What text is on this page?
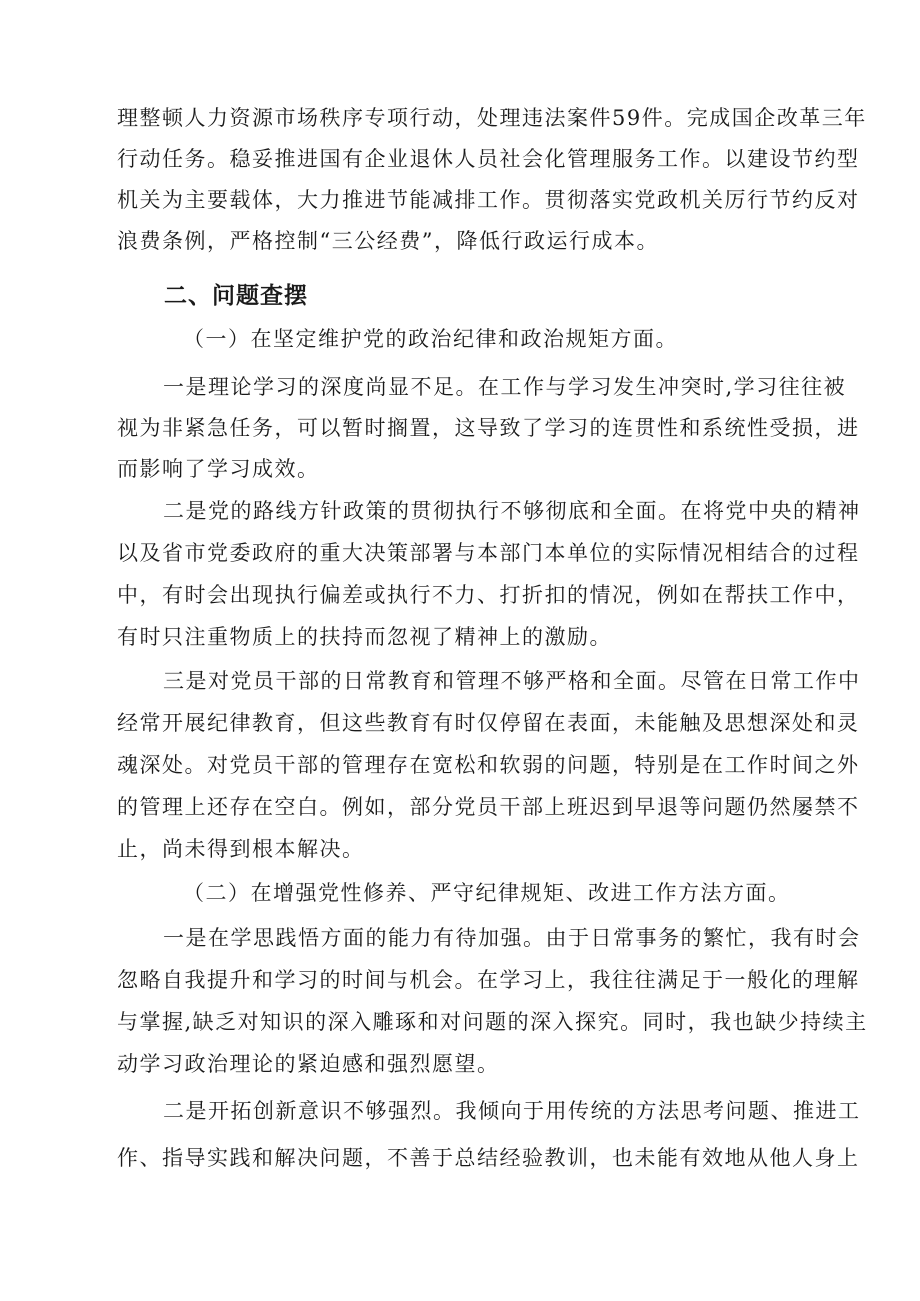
理整顿人力资源市场秩序专项行动，处理违法案件59件。完成国企改革三年
行动任务。稳妥推进国有企业退休人员社会化管理服务工作。以建设节约型
机关为主要载体，大力推进节能减排工作。贯彻落实党政机关厉行节约反对
浪费条例，严格控制“三公经费”，降低行政运行成本。
二、问题查摆
（一）在坚定维护党的政治纪律和政治规矩方面。
一是理论学习的深度尚显不足。在工作与学习发生冲突时,学习往往被
视为非紧急任务，可以暂时搁置，这导致了学习的连贯性和系统性受损，进
而影响了学习成效。
二是党的路线方针政策的贯彻执行不够彻底和全面。在将党中央的精神
以及省市党委政府的重大决策部署与本部门本单位的实际情况相结合的过程
中，有时会出现执行偏差或执行不力、打折扣的情况，例如在帮扶工作中，
有时只注重物质上的扶持而忽视了精神上的激励。
三是对党员干部的日常教育和管理不够严格和全面。尽管在日常工作中
经常开展纪律教育，但这些教育有时仅停留在表面，未能触及思想深处和灵
魂深处。对党员干部的管理存在宽松和软弱的问题，特别是在工作时间之外
的管理上还存在空白。例如，部分党员干部上班迟到早退等问题仍然屡禁不
止，尚未得到根本解决。
（二）在增强党性修养、严守纪律规矩、改进工作方法方面。
一是在学思践悟方面的能力有待加强。由于日常事务的繁忙，我有时会
忽略自我提升和学习的时间与机会。在学习上，我往往满足于一般化的理解
与掌握,缺乏对知识的深入雕琢和对问题的深入探究。同时，我也缺少持续主
动学习政治理论的紧迫感和强烈愿望。
二是开拓创新意识不够强烈。我倾向于用传统的方法思考问题、推进工
作、指导实践和解决问题，不善于总结经验教训，也未能有效地从他人身上
